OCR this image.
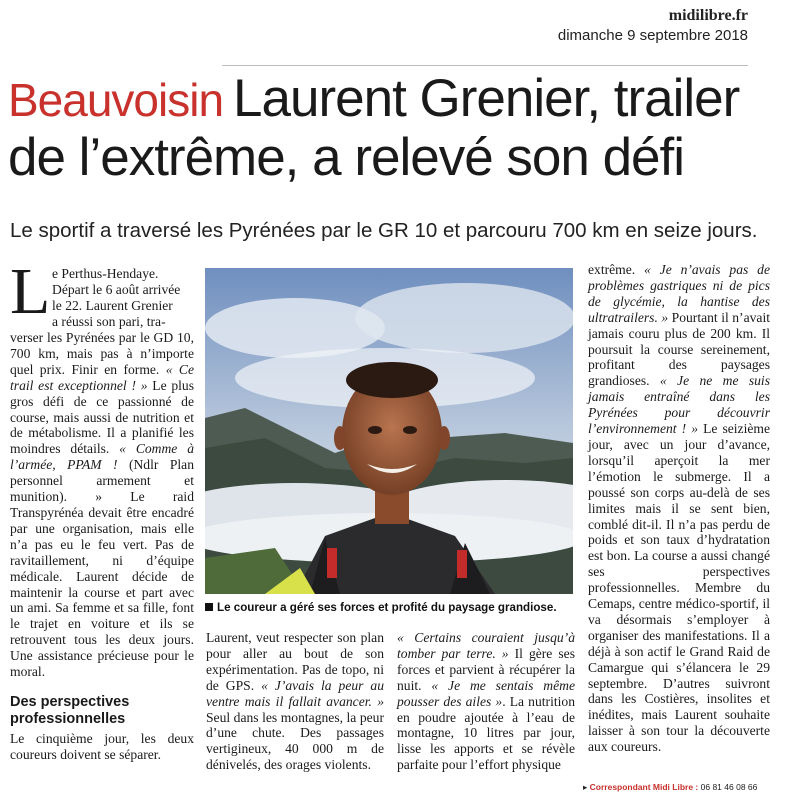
midilibre.fr
dimanche 9 septembre 2018
Beauvoisin Laurent Grenier, trailer
de l’extrême, a relevé son défi
Le sportif a traversé les Pyrénées par le GR 10 et parcouru 700 km en seize jours.
L e Perthus-Hendaye.

Départ le 6 août arrivée

le 22. Laurent Grenier

a réussi son pari, tra-

verser les Pyrénées par le GD 10, 700 km, mais pas à n’importe quel prix. Finir en forme. « Ce trail est exceptionnel ! » Le plus gros défi de ce passionné de course, mais aussi de nutrition et de métabolisme. Il a planifié les moindres détails. « Comme à l’armée, PPAM ! (Ndlr Plan personnel armement et munition). » Le raid Transpyrénéa devait être encadré par une organisation, mais elle n’a pas eu le feu vert. Pas de ravitaillement, ni d’équipe médicale. Laurent décide de maintenir la course et part avec un ami. Sa femme et sa fille, font le trajet en voiture et ils se retrouvent tous les deux jours. Une assistance précieuse pour le moral.

Des perspectives professionnelles

Le cinquième jour, les deux coureurs doivent se séparer.

Le coureur a géré ses forces et profité du paysage grandiose.

Laurent, veut respecter son plan pour aller au bout de son expérimentation. Pas de topo, ni de GPS. « J’avais la peur au ventre mais il fallait avancer. » Seul dans les montagnes, la peur d’une chute. Des passages vertigineux, 40 000 m de dénivelés, des orages violents.

« Certains couraient jusqu’à tomber par terre. » Il gère ses forces et parvient à récupérer la nuit. « Je me sentais même pousser des ailes ». La nutrition en poudre ajoutée à l’eau de montagne, 10 litres par jour, lisse les apports et se révèle parfaite pour l’effort physique

extrême. « Je n’avais pas de problèmes gastriques ni de pics de glycémie, la hantise des ultratrailers. » Pourtant il n’avait jamais couru plus de 200 km. Il poursuit la course sereinement, profitant des paysages grandioses. « Je ne me suis jamais entraîné dans les Pyrénées pour découvrir l’environnement ! » Le seizième jour, avec un jour d’avance, lorsqu’il aperçoit la mer l’émotion le submerge. Il a poussé son corps au-delà de ses limites mais il se sent bien, comblé dit-il. Il n’a pas perdu de poids et son taux d’hydratation est bon. La course a aussi changé ses perspectives professionnelles. Membre du Cemaps, centre médico-sportif, il va désormais s’employer à organiser des manifestations. Il a déjà à son actif le Grand Raid de Camargue qui s’élancera le 29 septembre. D’autres suivront dans les Costières, insolites et inédites, mais Laurent souhaite laisser à son tour la découverte aux coureurs.

▸ Correspondant Midi Libre : 06 81 46 08 66
